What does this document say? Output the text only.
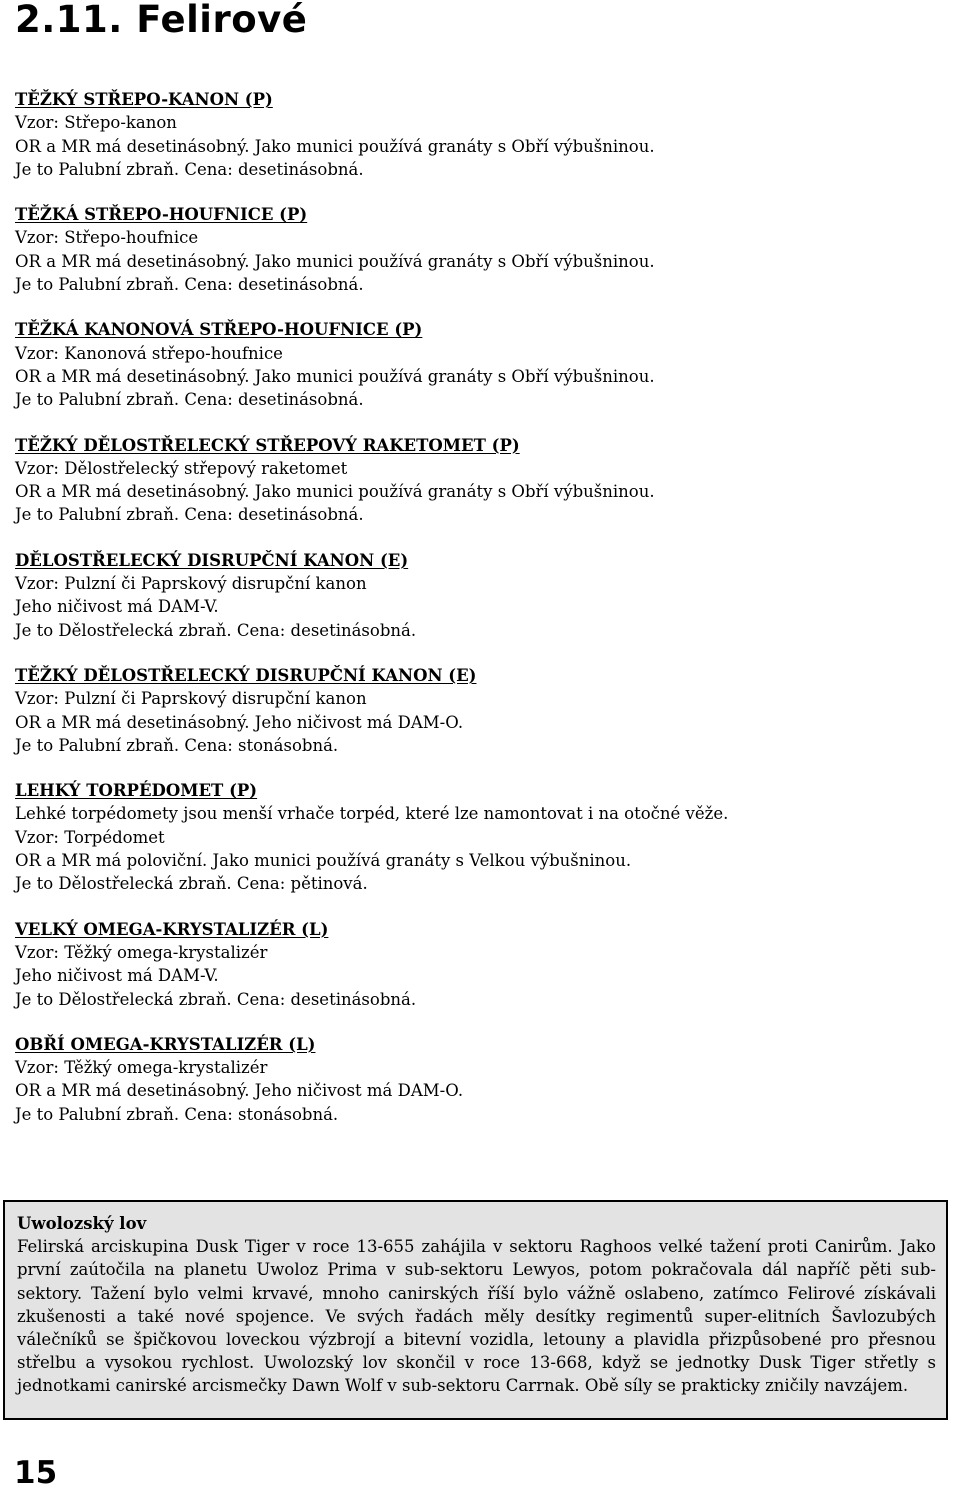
2.11. Felirové
TĚŽKÝ STŘEPO-KANON (P)
Vzor: Střepo-kanon
OR a MR má desetinásobný. Jako munici používá granáty s Obří výbušninou.
Je to Palubní zbraň. Cena: desetinásobná.
TĚŽKÁ STŘEPO-HOUFNICE (P)
Vzor: Střepo-houfnice
OR a MR má desetinásobný. Jako munici používá granáty s Obří výbušninou.
Je to Palubní zbraň. Cena: desetinásobná.
TĚŽKÁ KANONOVÁ STŘEPO-HOUFNICE (P)
Vzor: Kanonová střepo-houfnice
OR a MR má desetinásobný. Jako munici používá granáty s Obří výbušninou.
Je to Palubní zbraň. Cena: desetinásobná.
TĚŽKÝ DĚLOSTŘELECKÝ STŘEPOVÝ RAKETOMET (P)
Vzor: Dělostřelecký střepový raketomet
OR a MR má desetinásobný. Jako munici používá granáty s Obří výbušninou.
Je to Palubní zbraň. Cena: desetinásobná.
DĚLOSTŘELECKÝ DISRUPČNÍ KANON (E)
Vzor: Pulzní či Paprskový disrupční kanon
Jeho ničivost má DAM-V.
Je to Dělostřelecká zbraň. Cena: desetinásobná.
TĚŽKÝ DĚLOSTŘELECKÝ DISRUPČNÍ KANON (E)
Vzor: Pulzní či Paprskový disrupční kanon
OR a MR má desetinásobný. Jeho ničivost má DAM-O.
Je to Palubní zbraň. Cena: stonásobná.
LEHKÝ TORPÉDOMET (P)
Lehké torpédomety jsou menší vrhače torpéd, které lze namontovat i na otočné věže.
Vzor: Torpédomet
OR a MR má poloviční. Jako munici používá granáty s Velkou výbušninou.
Je to Dělostřelecká zbraň. Cena: pětinová.
VELKÝ OMEGA-KRYSTALIZÉR (L)
Vzor: Těžký omega-krystalizér
Jeho ničivost má DAM-V.
Je to Dělostřelecká zbraň. Cena: desetinásobná.
OBŘÍ OMEGA-KRYSTALIZÉR (L)
Vzor: Těžký omega-krystalizér
OR a MR má desetinásobný. Jeho ničivost má DAM-O.
Je to Palubní zbraň. Cena: stonásobná.
Uwolozský lov
Felirská arciskupina Dusk Tiger v roce 13-655 zahájila v sektoru Raghoos velké tažení proti Canirům. Jako první zaútočila na planetu Uwoloz Prima v sub-sektoru Lewyos, potom pokračovala dál napříč pěti sub-sektory. Tažení bylo velmi krvavé, mnoho canirských říší bylo vážně oslabeno, zatímco Felirové získávali zkušenosti a také nové spojence. Ve svých řadách měly desítky regimentů super-elitních Šavlozubých válečníků se špičkovou loveckou výzbrojí a bitevní vozidla, letouny a plavidla přizpůsobené pro přesnou střelbu a vysokou rychlost. Uwolozský lov skončil v roce 13-668, když se jednotky Dusk Tiger střetly s jednotkami canirské arcismečky Dawn Wolf v sub-sektoru Carrnak. Obě síly se prakticky zničily navzájem.
15
